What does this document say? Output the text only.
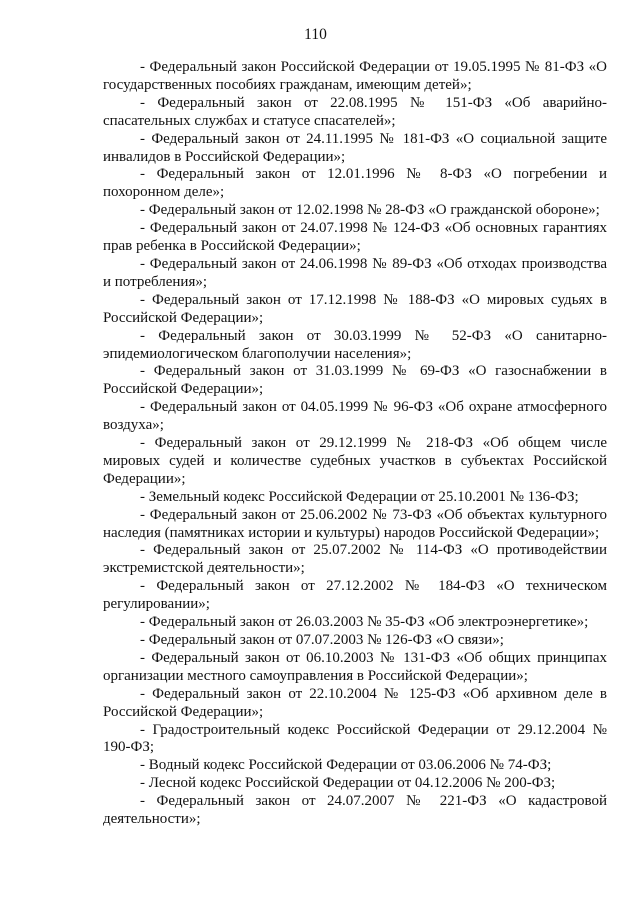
110

- Федеральный закон Российской Федерации от 19.05.1995 № 81-ФЗ «О государственных пособиях гражданам, имеющим детей»;

- Федеральный закон от 22.08.1995 № 151-ФЗ «Об аварийно-спасательных службах и статусе спасателей»;

- Федеральный закон от 24.11.1995 № 181-ФЗ «О социальной защите инвалидов в Российской Федерации»;

- Федеральный закон от 12.01.1996 № 8-ФЗ «О погребении и похоронном деле»;

- Федеральный закон от 12.02.1998 № 28-ФЗ «О гражданской обороне»;

- Федеральный закон от 24.07.1998 № 124-ФЗ «Об основных гарантиях прав ребенка в Российской Федерации»;

- Федеральный закон от 24.06.1998 № 89-ФЗ «Об отходах производства и потребления»;

- Федеральный закон от 17.12.1998 № 188-ФЗ «О мировых судьях в Российской Федерации»;

- Федеральный закон от 30.03.1999 № 52-ФЗ «О санитарно-эпидемиологическом благополучии населения»;

- Федеральный закон от 31.03.1999 № 69-ФЗ «О газоснабжении в Российской Федерации»;

- Федеральный закон от 04.05.1999 № 96-ФЗ «Об охране атмосферного воздуха»;

- Федеральный закон от 29.12.1999 № 218-ФЗ «Об общем числе мировых судей и количестве судебных участков в субъектах Российской Федерации»;

- Земельный кодекс Российской Федерации от 25.10.2001 № 136-ФЗ;

- Федеральный закон от 25.06.2002 № 73-ФЗ «Об объектах культурного наследия (памятниках истории и культуры) народов Российской Федерации»;

- Федеральный закон от 25.07.2002 № 114-ФЗ «О противодействии экстремистской деятельности»;

- Федеральный закон от 27.12.2002 № 184-ФЗ «О техническом регулировании»;

- Федеральный закон от 26.03.2003 № 35-ФЗ «Об электроэнергетике»;

- Федеральный закон от 07.07.2003 № 126-ФЗ «О связи»;

- Федеральный закон от 06.10.2003 № 131-ФЗ «Об общих принципах организации местного самоуправления в Российской Федерации»;

- Федеральный закон от 22.10.2004 № 125-ФЗ «Об архивном деле в Российской Федерации»;

- Градостроительный кодекс Российской Федерации от 29.12.2004 № 190-ФЗ;

- Водный кодекс Российской Федерации от 03.06.2006 № 74-ФЗ;

- Лесной кодекс Российской Федерации от 04.12.2006 № 200-ФЗ;

- Федеральный закон от 24.07.2007 № 221-ФЗ «О кадастровой деятельности»;
